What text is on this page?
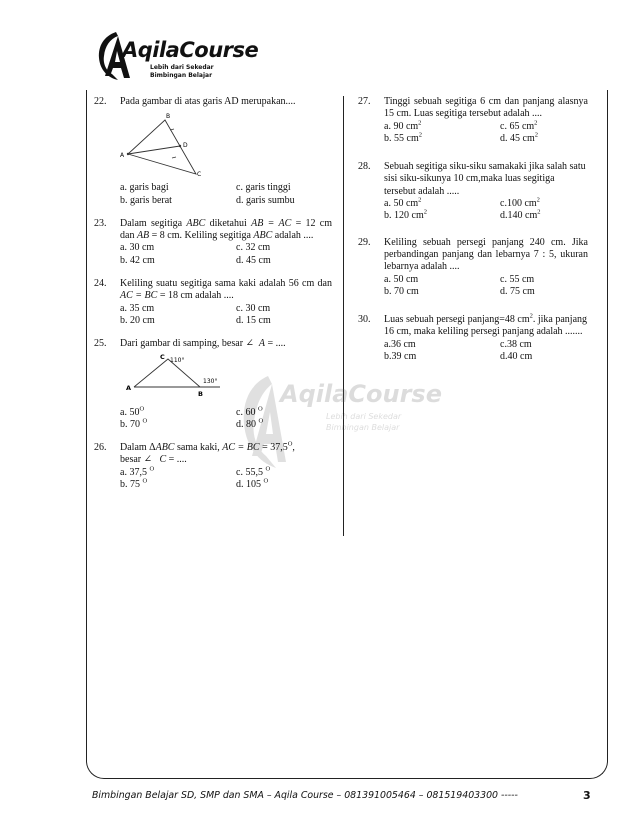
AqilaCourse
Lebih dari Sekedar
Bimbingan Belajar
AqilaCourse
Lebih dari Sekedar
Bimbingan Belajar
22. Pada gambar di atas garis AD merupakan....
A
B
C
D
a. garis bagi	c. garis tinggi
b. garis berat	d. garis sumbu
23. Dalam segitiga ABC diketahui AB = AC = 12 cm dan AB = 8 cm. Keliling segitiga ABC adalah ....
a. 30 cm	c. 32 cm
b. 42 cm	d. 45 cm
24. Keliling suatu segitiga sama kaki adalah 56 cm dan AC = BC = 18 cm adalah ....
a. 35 cm	c. 30 cm
b. 20 cm	d. 15 cm
25. Dari gambar di samping, besar ∠ A = ....
A
B
C 110°
130°
a. $50^O$	c. 60 $^O$
b. 70 $^O$	d. 80 $^O$
26. Dalam ΔABC sama kaki, AC = BC = $37,5^O$,
besar ∠ C = ....
a. 37,5 $^O$	c. 55,5 $^O$
b. 75 $^O$	d. 105 $^O$
27. Tinggi sebuah segitiga 6 cm dan panjang alasnya 15 cm. Luas segitiga tersebut adalah ....
a. 90 $cm^2$	c. 65 $cm^2$
b. 55 $cm^2$	d. 45 $cm^2$
28. Sebuah segitiga siku-siku samakaki jika salah satu sisi siku-sikunya 10 cm,maka luas segitiga tersebut adalah .....
a. 50 $cm^2$	c.100 $cm^2$
b. 120 $cm^2$	d.140 $cm^2$
29. Keliling sebuah persegi panjang 240 cm. Jika perbandingan panjang dan lebarnya 7 : 5, ukuran lebarnya adalah ....
a. 50 cm	c. 55 cm
b. 70 cm	d. 75 cm
30. Luas sebuah persegi panjang=48 $cm^2$. jika panjang 16 cm, maka keliling persegi panjang adalah .......
a.36 cm	c.38 cm
b.39 cm	d.40 cm
Bimbingan Belajar SD, SMP dan SMA – Aqila Course – 081391005464 – 081519403300 -----	3
